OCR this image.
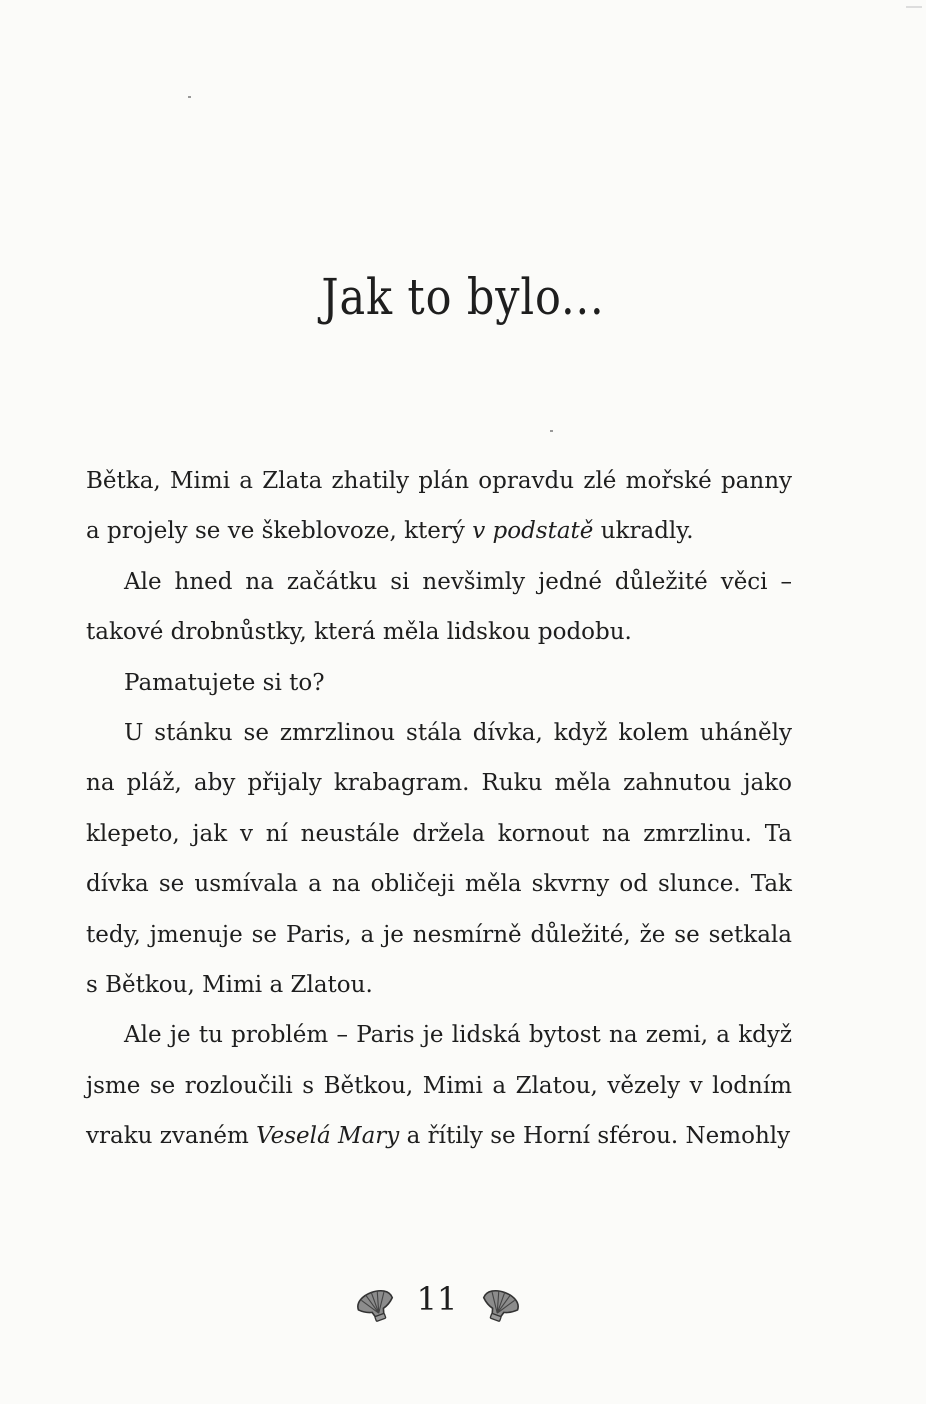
Jak to bylo...

Bětka, Mimi a Zlata zhatily plán opravdu zlé mořské panny a projely se ve škeblovoze, který v podstatě ukradly.

Ale hned na začátku si nevšimly jedné důležité věci – takové drobnůstky, která měla lidskou podobu.

Pamatujete si to?

U stánku se zmrzlinou stála dívka, když kolem uháněly na pláž, aby přijaly krabagram. Ruku měla zahnutou jako klepeto, jak v ní neustále držela kornout na zmrzlinu. Ta dívka se usmívala a na obličeji měla skvrny od slunce. Tak tedy, jmenuje se Paris, a je nesmírně důležité, že se setkala s Bětkou, Mimi a Zlatou.

Ale je tu problém – Paris je lidská bytost na zemi, a když jsme se rozloučili s Bětkou, Mimi a Zlatou, vězely v lodním vraku zvaném Veselá Mary a řítily se Horní sférou. Nemohly

11
